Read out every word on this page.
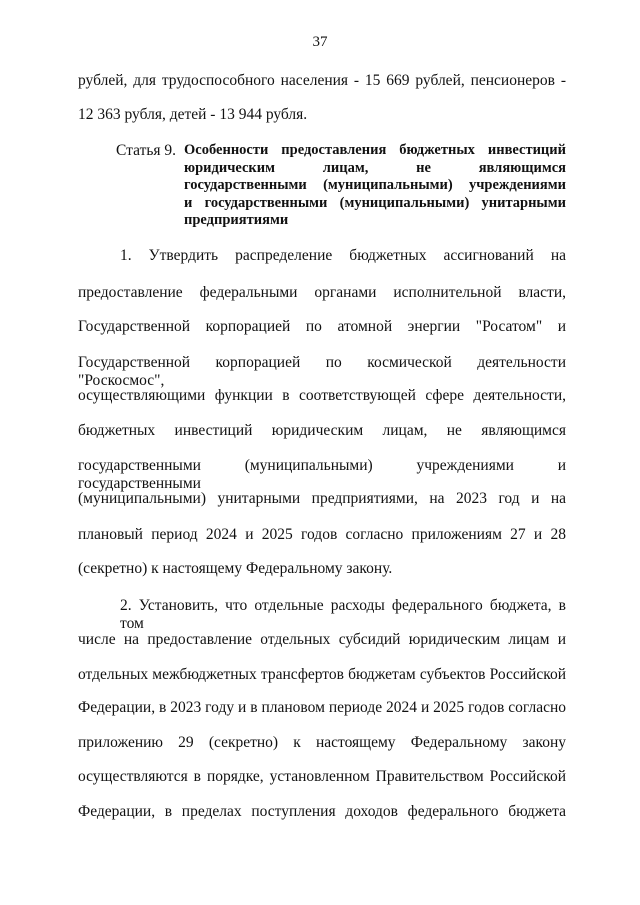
37
рублей, для трудоспособного населения - 15 669 рублей, пенсионеров -
12 363 рубля, детей - 13 944 рубля.
Статья 9. Особенности предоставления бюджетных инвестиций
юридическим лицам, не являющимся
государственными (муниципальными) учреждениями
и государственными (муниципальными) унитарными
предприятиями
1. Утвердить распределение бюджетных ассигнований на
предоставление федеральными органами исполнительной власти,
Государственной корпорацией по атомной энергии "Росатом" и
Государственной корпорацией по космической деятельности "Роскосмос",
осуществляющими функции в соответствующей сфере деятельности,
бюджетных инвестиций юридическим лицам, не являющимся
государственными (муниципальными) учреждениями и государственными
(муниципальными) унитарными предприятиями, на 2023 год и на
плановый период 2024 и 2025 годов согласно приложениям 27 и 28
(секретно) к настоящему Федеральному закону.
2. Установить, что отдельные расходы федерального бюджета, в том
числе на предоставление отдельных субсидий юридическим лицам и
отдельных межбюджетных трансфертов бюджетам субъектов Российской
Федерации, в 2023 году и в плановом периоде 2024 и 2025 годов согласно
приложению 29 (секретно) к настоящему Федеральному закону
осуществляются в порядке, установленном Правительством Российской
Федерации, в пределах поступления доходов федерального бюджета
